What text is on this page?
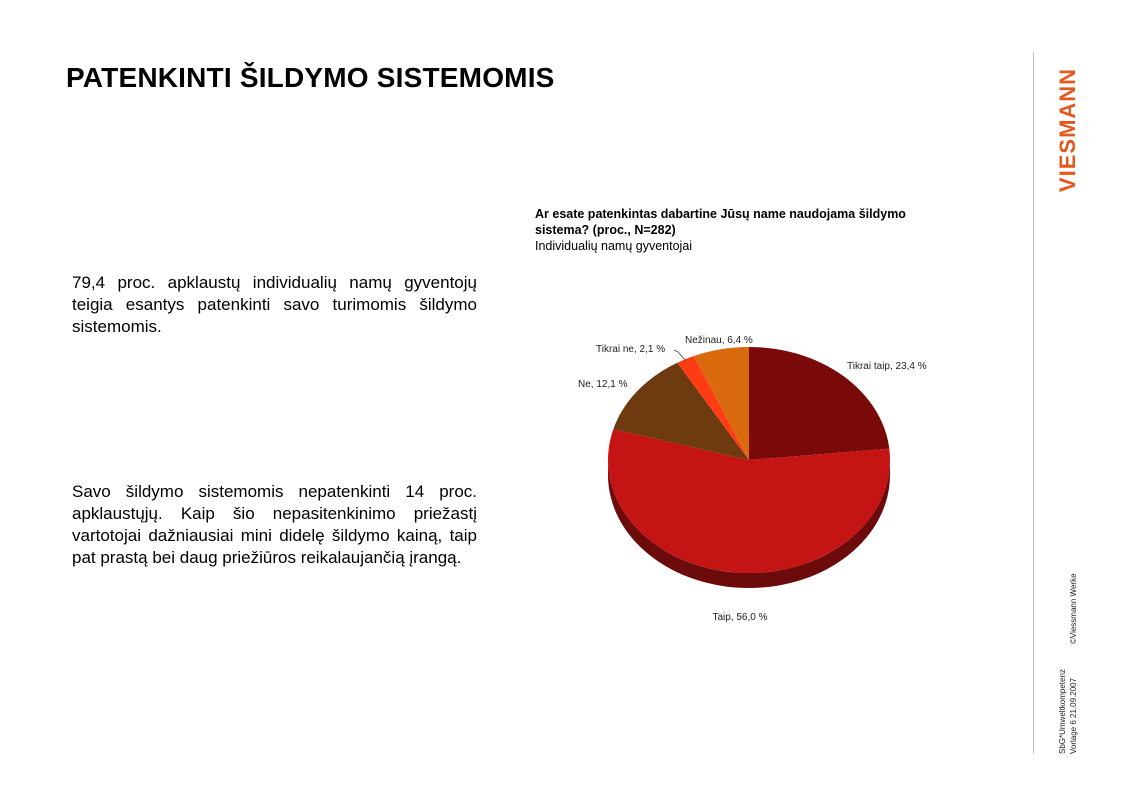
PATENKINTI ŠILDYMO SISTEMOMIS
79,4 proc. apklaustų individualių namų gyventojų teigia esantys patenkinti savo turimomis šildymo sistemomis.
Savo šildymo sistemomis nepatenkinti 14 proc. apklaustųjų. Kaip šio nepasitenkinimo priežastį vartotojai dažniausiai mini didelę šildymo kainą, taip pat prastą bei daug priežiūros reikalaujančią įrangą.
Ar esate patenkintas dabartine Jūsų name naudojama šildymo sistema? (proc., N=282)
Individualių namų gyventojai
Tikrai taip, 23,4 %
Taip, 56,0 %
Ne, 12,1 %
Tikrai ne, 2,1 %
Nežinau, 6,4 %
VIESMANN
SbG*Umweltkompetenz Vorlage 6 21.09.2007
©Viessmann Werke
